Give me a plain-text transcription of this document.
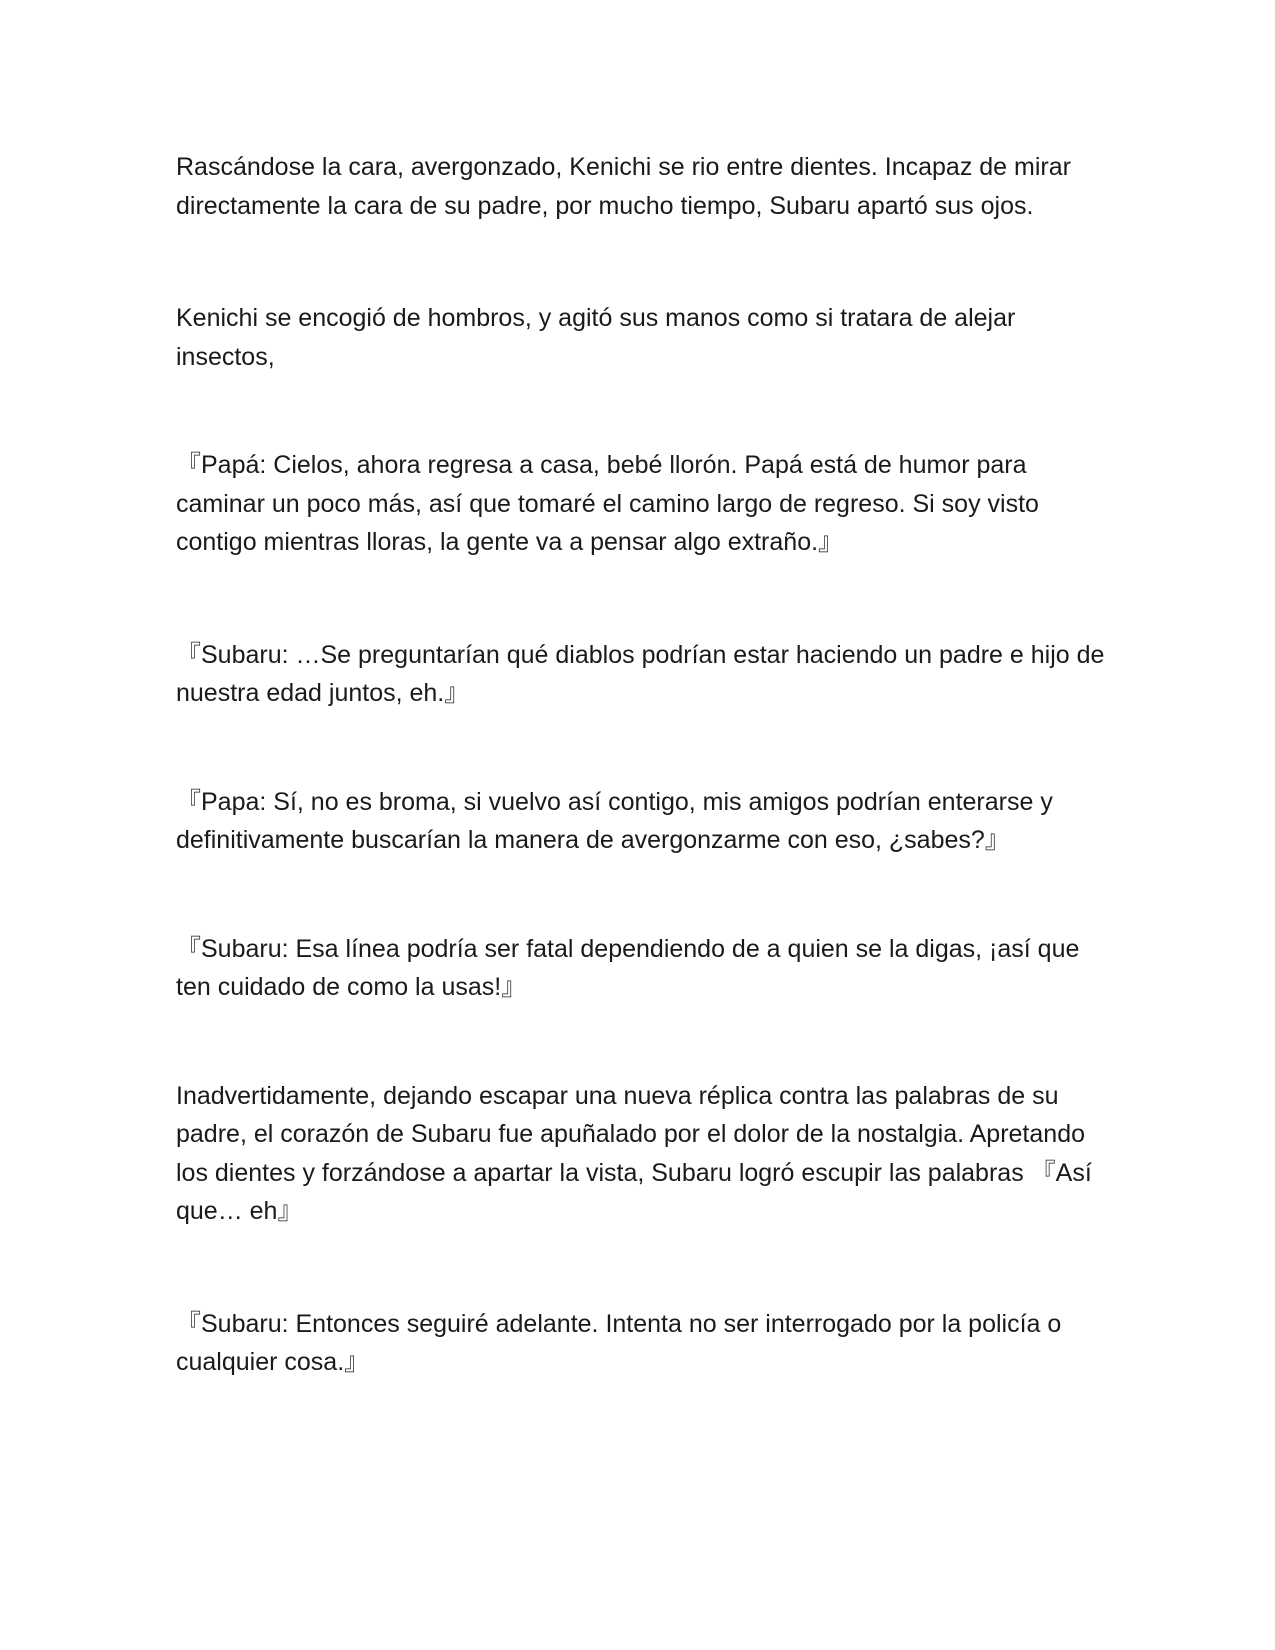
Rascándose la cara, avergonzado, Kenichi se rio entre dientes. Incapaz de mirar directamente la cara de su padre, por mucho tiempo, Subaru apartó sus ojos.

Kenichi se encogió de hombros, y agitó sus manos como si tratara de alejar insectos,

『Papá: Cielos, ahora regresa a casa, bebé llorón. Papá está de humor para caminar un poco más, así que tomaré el camino largo de regreso. Si soy visto contigo mientras lloras, la gente va a pensar algo extraño.』

『Subaru: …Se preguntarían qué diablos podrían estar haciendo un padre e hijo de nuestra edad juntos, eh.』

『Papa: Sí, no es broma, si vuelvo así contigo, mis amigos podrían enterarse y definitivamente buscarían la manera de avergonzarme con eso, ¿sabes?』

『Subaru: Esa línea podría ser fatal dependiendo de a quien se la digas, ¡así que ten cuidado de como la usas!』

Inadvertidamente, dejando escapar una nueva réplica contra las palabras de su padre, el corazón de Subaru fue apuñalado por el dolor de la nostalgia. Apretando los dientes y forzándose a apartar la vista, Subaru logró escupir las palabras 『Así que… eh』

『Subaru: Entonces seguiré adelante. Intenta no ser interrogado por la policía o cualquier cosa.』
